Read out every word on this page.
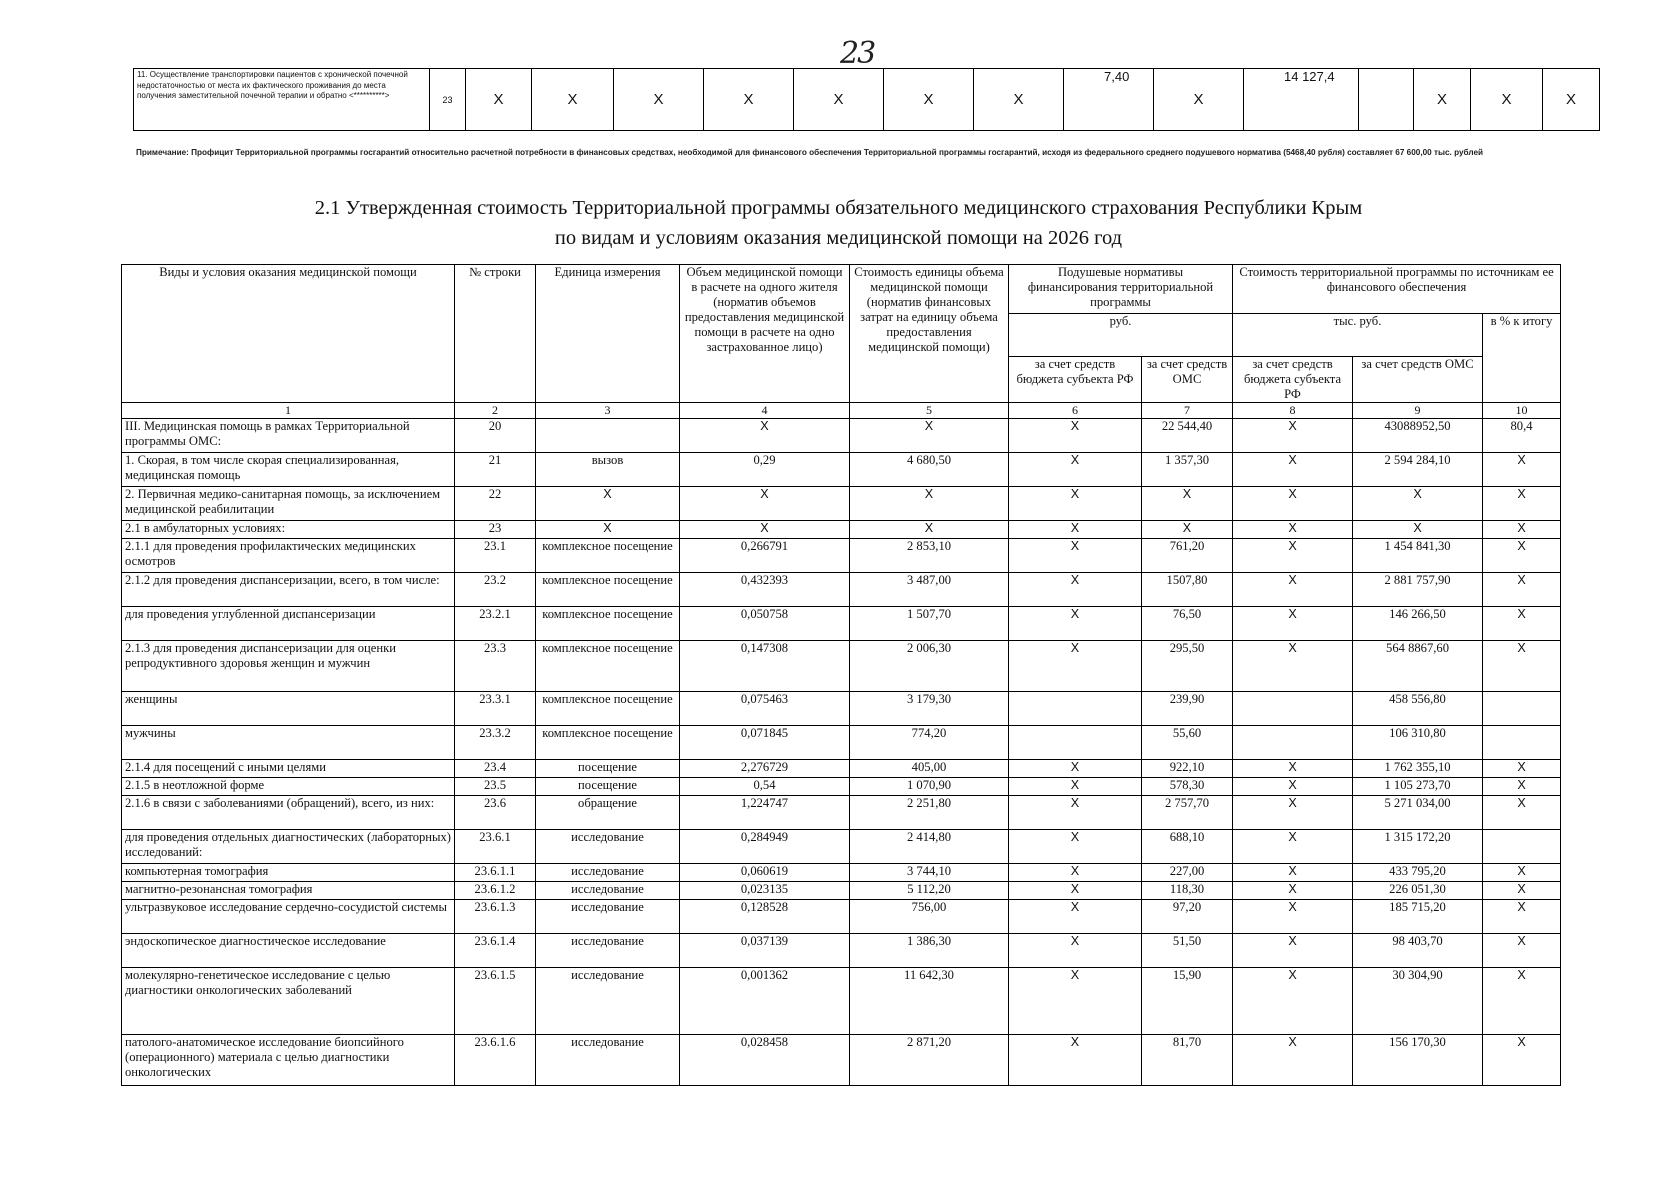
23
11. Осуществление транспортировки пациентов с хронической почечной недостаточностью от места их фактического проживания до места получения заместительной почечной терапии и обратно <**********>	23	Х	Х	Х	Х	Х	Х	Х	7,40	Х	14 127,4		Х	Х	Х
Примечание: Профицит Территориальной программы госгарантий относительно расчетной потребности в финансовых средствах, необходимой для финансового обеспечения Территориальной программы госгарантий, исходя из федерального среднего подушевого норматива (5468,40 рубля) составляет 67 600,00 тыс. рублей
2.1 Утвержденная стоимость Территориальной программы обязательного медицинского страхования Республики Крым
по видам и условиям оказания медицинской помощи на 2026 год
Виды и условия оказания медицинской помощи	№ строки	Единица измерения	Объем медицинской помощи в расчете на одного жителя (норматив объемов предоставления медицинской помощи в расчете на одно застрахованное лицо)	Стоимость единицы объема медицинской помощи (норматив финансовых затрат на единицу объема предоставления медицинской помощи)	Подушевые нормативы финансирования территориальной программы		Стоимость территориальной программы по источникам ее финансового обеспечения		
					руб.		тыс. руб.		в % к итогу
					за счет средств бюджета субъекта РФ	за счет средств ОМС	за счет средств бюджета субъекта РФ	за счет средств ОМС	
1	2	3	4	5	6	7	8	9	10
III. Медицинская помощь в рамках Территориальной программы ОМС:	20		Х	Х	Х	22 544,40	Х	43088952,50	80,4
1. Скорая, в том числе скорая специализированная, медицинская помощь	21	вызов	0,29	4 680,50	Х	1 357,30	Х	2 594 284,10	Х
2. Первичная медико-санитарная помощь, за исключением медицинской реабилитации	22	Х	Х	Х	Х	Х	Х	Х	Х
2.1 в амбулаторных условиях:	23	Х	Х	Х	Х	Х	Х	Х	Х
2.1.1 для проведения профилактических медицинских осмотров	23.1	комплексное посещение	0,266791	2 853,10	Х	761,20	Х	1 454 841,30	Х
2.1.2 для проведения диспансеризации, всего, в том числе:	23.2	комплексное посещение	0,432393	3 487,00	Х	1507,80	Х	2 881 757,90	Х
для проведения углубленной диспансеризации	23.2.1	комплексное посещение	0,050758	1 507,70	Х	76,50	Х	146 266,50	Х
2.1.3 для проведения диспансеризации для оценки репродуктивного здоровья женщин и мужчин	23.3	комплексное посещение	0,147308	2 006,30	Х	295,50	Х	564 8867,60	Х
женщины	23.3.1	комплексное посещение	0,075463	3 179,30		239,90		458 556,80	
мужчины	23.3.2	комплексное посещение	0,071845	774,20		55,60		106 310,80	
2.1.4 для посещений с иными целями	23.4	посещение	2,276729	405,00	Х	922,10	Х	1 762 355,10	Х
2.1.5 в неотложной форме	23.5	посещение	0,54	1 070,90	Х	578,30	Х	1 105 273,70	Х
2.1.6 в связи с заболеваниями (обращений), всего, из них:	23.6	обращение	1,224747	2 251,80	Х	2 757,70	Х	5 271 034,00	Х
для проведения отдельных диагностических (лабораторных) исследований:	23.6.1	исследование	0,284949	2 414,80	Х	688,10	Х	1 315 172,20	
компьютерная томография	23.6.1.1	исследование	0,060619	3 744,10	Х	227,00	Х	433 795,20	Х
магнитно-резонансная томография	23.6.1.2	исследование	0,023135	5 112,20	Х	118,30	Х	226 051,30	Х
ультразвуковое исследование сердечно-сосудистой системы	23.6.1.3	исследование	0,128528	756,00	Х	97,20	Х	185 715,20	Х
эндоскопическое диагностическое исследование	23.6.1.4	исследование	0,037139	1 386,30	Х	51,50	Х	98 403,70	Х
молекулярно-генетическое исследование с целью диагностики онкологических заболеваний	23.6.1.5	исследование	0,001362	11 642,30	Х	15,90	Х	30 304,90	Х
патолого-анатомическое исследование биопсийного (операционного) материала с целью диагностики онкологических	23.6.1.6	исследование	0,028458	2 871,20	Х	81,70	Х	156 170,30	Х
